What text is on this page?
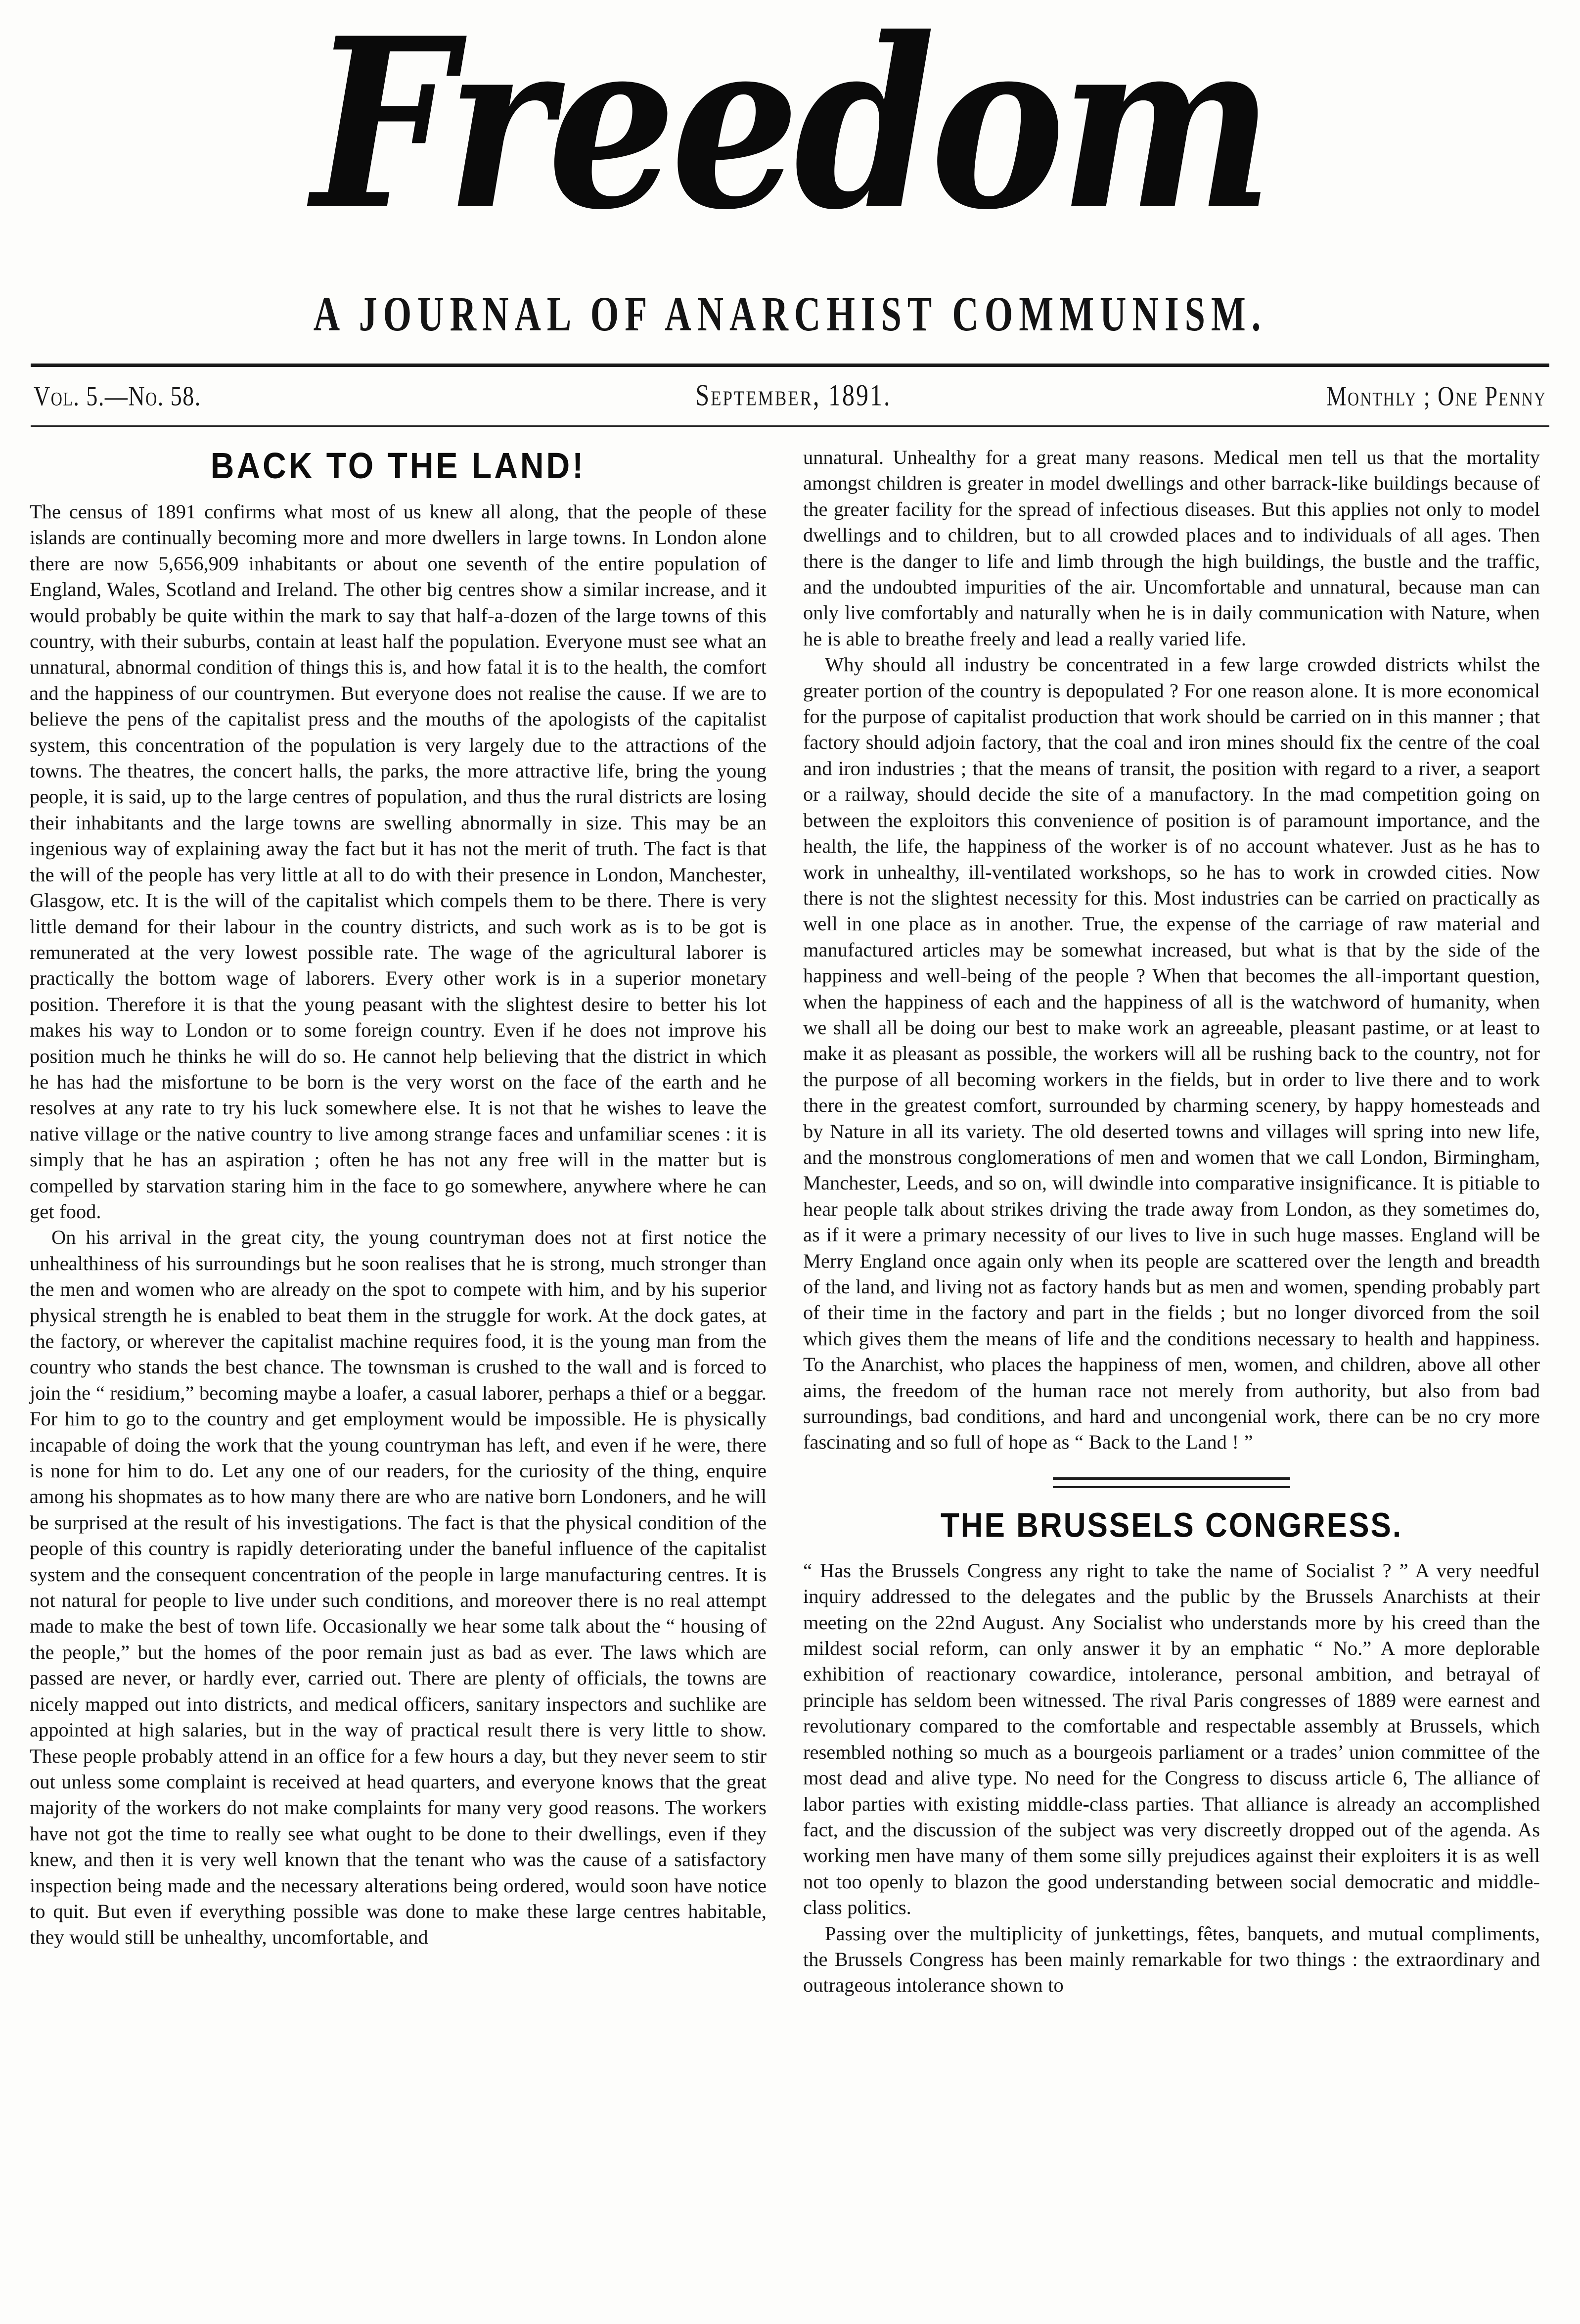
Freedom
A JOURNAL OF ANARCHIST COMMUNISM.
Vol. 5.—No. 58.	September, 1891.	Monthly ; One Penny
BACK TO THE LAND!

The census of 1891 confirms what most of us knew all along, that the people of these islands are continually becoming more and more dwellers in large towns. In London alone there are now 5,656,909 inhabitants or about one seventh of the entire population of England, Wales, Scotland and Ireland. The other big centres show a similar increase, and it would probably be quite within the mark to say that half-a-dozen of the large towns of this country, with their suburbs, contain at least half the population. Everyone must see what an unnatural, abnormal condition of things this is, and how fatal it is to the health, the comfort and the happiness of our countrymen. But everyone does not realise the cause. If we are to believe the pens of the capitalist press and the mouths of the apologists of the capitalist system, this concentration of the population is very largely due to the attractions of the towns. The theatres, the concert halls, the parks, the more attractive life, bring the young people, it is said, up to the large centres of population, and thus the rural districts are losing their inhabitants and the large towns are swelling abnormally in size. This may be an ingenious way of explaining away the fact but it has not the merit of truth. The fact is that the will of the people has very little at all to do with their presence in London, Manchester, Glasgow, etc. It is the will of the capitalist which compels them to be there. There is very little demand for their labour in the country districts, and such work as is to be got is remunerated at the very lowest possible rate. The wage of the agricultural laborer is practically the bottom wage of laborers. Every other work is in a superior monetary position. Therefore it is that the young peasant with the slightest desire to better his lot makes his way to London or to some foreign country. Even if he does not improve his position much he thinks he will do so. He cannot help believing that the district in which he has had the misfortune to be born is the very worst on the face of the earth and he resolves at any rate to try his luck somewhere else. It is not that he wishes to leave the native village or the native country to live among strange faces and unfamiliar scenes : it is simply that he has an aspiration ; often he has not any free will in the matter but is compelled by starvation staring him in the face to go somewhere, anywhere where he can get food.

On his arrival in the great city, the young countryman does not at first notice the unhealthiness of his surroundings but he soon realises that he is strong, much stronger than the men and women who are already on the spot to compete with him, and by his superior physical strength he is enabled to beat them in the struggle for work. At the dock gates, at the factory, or wherever the capitalist machine requires food, it is the young man from the country who stands the best chance. The townsman is crushed to the wall and is forced to join the “ residium,” becoming maybe a loafer, a casual laborer, perhaps a thief or a beggar. For him to go to the country and get employment would be impossible. He is physically incapable of doing the work that the young countryman has left, and even if he were, there is none for him to do. Let any one of our readers, for the curiosity of the thing, enquire among his shopmates as to how many there are who are native born Londoners, and he will be surprised at the result of his investigations. The fact is that the physical condition of the people of this country is rapidly deteriorating under the baneful influence of the capitalist system and the consequent concentration of the people in large manufacturing centres. It is not natural for people to live under such conditions, and moreover there is no real attempt made to make the best of town life. Occasionally we hear some talk about the “ housing of the people,” but the homes of the poor remain just as bad as ever. The laws which are passed are never, or hardly ever, carried out. There are plenty of officials, the towns are nicely mapped out into districts, and medical officers, sanitary inspectors and suchlike are appointed at high salaries, but in the way of practical result there is very little to show. These people probably attend in an office for a few hours a day, but they never seem to stir out unless some complaint is received at head quarters, and everyone knows that the great majority of the workers do not make complaints for many very good reasons. The workers have not got the time to really see what ought to be done to their dwellings, even if they knew, and then it is very well known that the tenant who was the cause of a satisfactory inspection being made and the necessary alterations being ordered, would soon have notice to quit. But even if everything possible was done to make these large centres habitable, they would still be unhealthy, uncomfortable, and

unnatural. Unhealthy for a great many reasons. Medical men tell us that the mortality amongst children is greater in model dwellings and other barrack-like buildings because of the greater facility for the spread of infectious diseases. But this applies not only to model dwellings and to children, but to all crowded places and to individuals of all ages. Then there is the danger to life and limb through the high buildings, the bustle and the traffic, and the undoubted impurities of the air. Uncomfortable and unnatural, because man can only live comfortably and naturally when he is in daily communication with Nature, when he is able to breathe freely and lead a really varied life.

Why should all industry be concentrated in a few large crowded districts whilst the greater portion of the country is depopulated ? For one reason alone. It is more economical for the purpose of capitalist production that work should be carried on in this manner ; that factory should adjoin factory, that the coal and iron mines should fix the centre of the coal and iron industries ; that the means of transit, the position with regard to a river, a seaport or a railway, should decide the site of a manufactory. In the mad competition going on between the exploitors this convenience of position is of paramount importance, and the health, the life, the happiness of the worker is of no account whatever. Just as he has to work in unhealthy, ill-ventilated workshops, so he has to work in crowded cities. Now there is not the slightest necessity for this. Most industries can be carried on practically as well in one place as in another. True, the expense of the carriage of raw material and manufactured articles may be somewhat increased, but what is that by the side of the happiness and well-being of the people ? When that becomes the all-important question, when the happiness of each and the happiness of all is the watchword of humanity, when we shall all be doing our best to make work an agreeable, pleasant pastime, or at least to make it as pleasant as possible, the workers will all be rushing back to the country, not for the purpose of all becoming workers in the fields, but in order to live there and to work there in the greatest comfort, surrounded by charming scenery, by happy homesteads and by Nature in all its variety. The old deserted towns and villages will spring into new life, and the monstrous conglomerations of men and women that we call London, Birmingham, Manchester, Leeds, and so on, will dwindle into comparative insignificance. It is pitiable to hear people talk about strikes driving the trade away from London, as they sometimes do, as if it were a primary necessity of our lives to live in such huge masses. England will be Merry England once again only when its people are scattered over the length and breadth of the land, and living not as factory hands but as men and women, spending probably part of their time in the factory and part in the fields ; but no longer divorced from the soil which gives them the means of life and the conditions necessary to health and happiness. To the Anarchist, who places the happiness of men, women, and children, above all other aims, the freedom of the human race not merely from authority, but also from bad surroundings, bad conditions, and hard and uncongenial work, there can be no cry more fascinating and so full of hope as “ Back to the Land ! ”

THE BRUSSELS CONGRESS.

“ Has the Brussels Congress any right to take the name of Socialist ? ” A very needful inquiry addressed to the delegates and the public by the Brussels Anarchists at their meeting on the 22nd August. Any Socialist who understands more by his creed than the mildest social reform, can only answer it by an emphatic “ No.” A more deplorable exhibition of reactionary cowardice, intolerance, personal ambition, and betrayal of principle has seldom been witnessed. The rival Paris congresses of 1889 were earnest and revolutionary compared to the comfortable and respectable assembly at Brussels, which resembled nothing so much as a bourgeois parliament or a trades’ union committee of the most dead and alive type. No need for the Congress to discuss article 6, The alliance of labor parties with existing middle-class parties. That alliance is already an accomplished fact, and the discussion of the subject was very discreetly dropped out of the agenda. As working men have many of them some silly prejudices against their exploiters it is as well not too openly to blazon the good understanding between social democratic and middle-class politics.

Passing over the multiplicity of junkettings, fêtes, banquets, and mutual compliments, the Brussels Congress has been mainly remarkable for two things : the extraordinary and outrageous intolerance shown to
